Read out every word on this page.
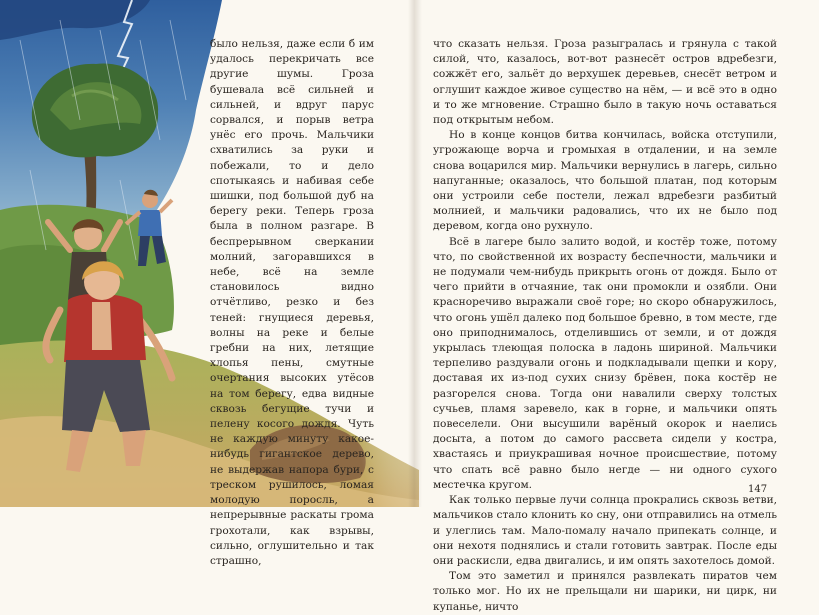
было нельзя, даже если б им удалось перекричать все другие шумы. Гроза бушевала всё сильней и сильней, и вдруг парус сорвался, и порыв ветра унёс его прочь. Мальчики схватились за руки и побежали, то и дело спотыкаясь и набивая себе шишки, под большой дуб на берегу реки. Теперь гроза была в полном разгаре. В беспрерывном сверкании молний, загоравшихся в небе, всё на земле становилось видно отчётливо, резко и без теней: гнущиеся деревья, волны на реке и белые гребни на них, летящие хлопья пены, смутные очертания высоких утёсов на том берегу, едва видные сквозь бегущие тучи и пелену косого дождя. Чуть не каждую минуту какое-нибудь гигантское дерево, не выдержав напора бури, с треском рушилось, ломая молодую поросль, а непрерывные раскаты грома грохотали, как взрывы, сильно, оглушительно и так страшно,

что сказать нельзя. Гроза разыгралась и грянула с такой силой, что, казалось, вот-вот разнесёт остров вдребезги, сожжёт его, зальёт до верхушек деревьев, снесёт ветром и оглушит каждое живое существо на нём, — и всё это в одно и то же мгновение. Страшно было в такую ночь оставаться под открытым небом.

Но в конце концов битва кончилась, войска отступили, угрожающе ворча и громыхая в отдалении, и на земле снова воцарился мир. Мальчики вернулись в лагерь, сильно напуганные; оказалось, что большой платан, под которым они устроили себе постели, лежал вдребезги разбитый молнией, и мальчики радовались, что их не было под деревом, когда оно рухнуло.

Всё в лагере было залито водой, и костёр тоже, потому что, по свойственной их возрасту беспечности, мальчики и не подумали чем-нибудь прикрыть огонь от дождя. Было от чего прийти в отчаяние, так они промокли и озябли. Они красноречиво выражали своё горе; но скоро обнаружилось, что огонь ушёл далеко под большое бревно, в том месте, где оно приподнималось, отделившись от земли, и от дождя укрылась тлеющая полоска в ладонь шириной. Мальчики терпеливо раздували огонь и подкладывали щепки и кору, доставая их из-под сухих снизу брёвен, пока костёр не разгорелся снова. Тогда они навалили сверху толстых сучьев, пламя заревело, как в горне, и мальчики опять повеселели. Они высушили варёный окорок и наелись досыта, а потом до самого рассвета сидели у костра, хвастаясь и приукрашивая ночное происшествие, потому что спать всё равно было негде — ни одного сухого местечка кругом.

Как только первые лучи солнца прокрались сквозь ветви, мальчиков стало клонить ко сну, они отправились на отмель и улеглись там. Мало-помалу начало припекать солнце, и они нехотя поднялись и стали готовить завтрак. После еды они раскисли, едва двигались, и им опять захотелось домой.

Том это заметил и принялся развлекать пиратов чем только мог. Но их не прельщали ни шарики, ни цирк, ни купанье, ничто

147
